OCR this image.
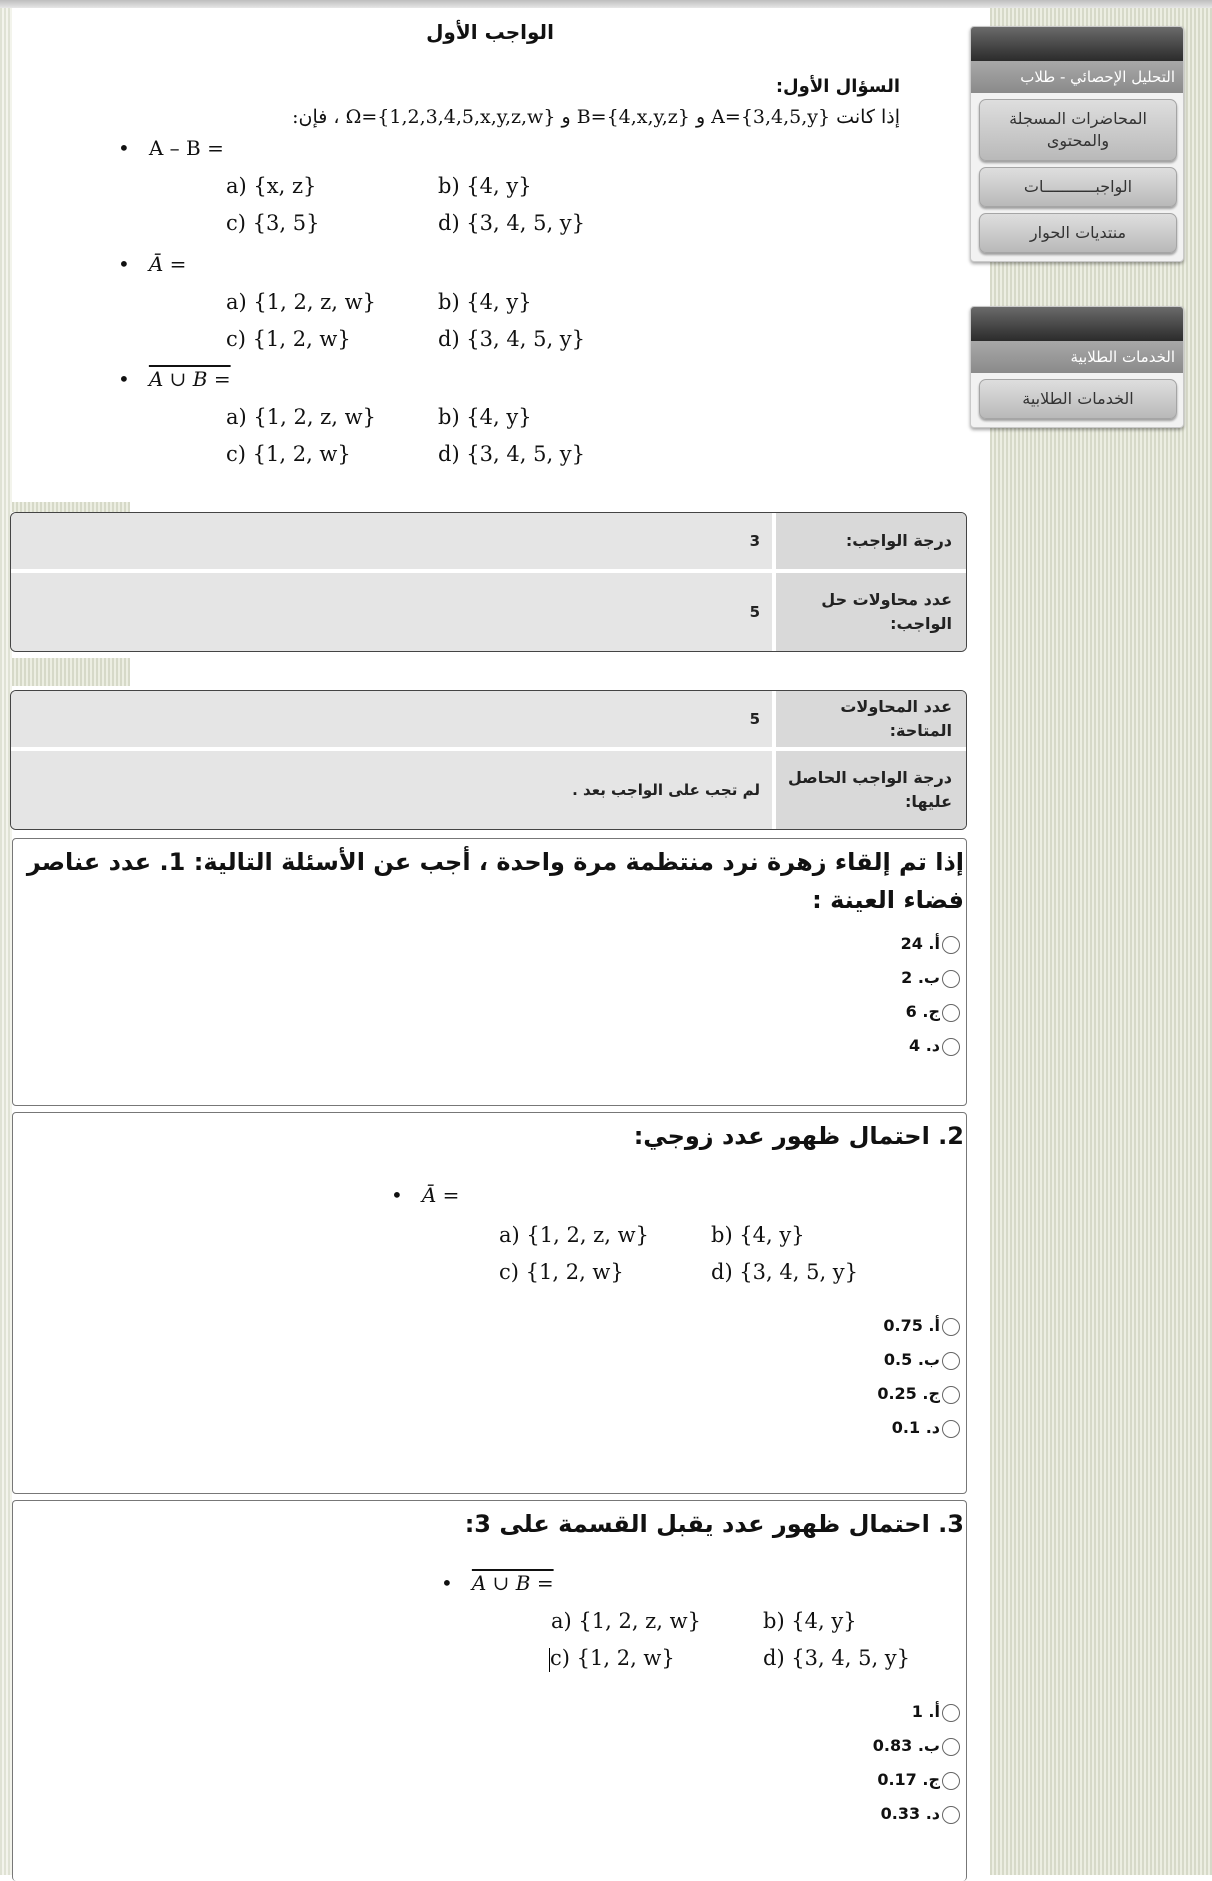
التحليل الإحصائي - طلاب
المحاضرات المسجلة والمحتوى
الواجبـــــــــــات
منتديات الحوار
الخدمات الطلابية
الخدمات الطلابية
الواجب الأول
السؤال الأول:
إذا كانت A={3,4,5,y} و B={4,x,y,z} و Ω={1,2,3,4,5,x,y,z,w} ، فإن:
•   A – B =
a) {x, z}	b) {4, y}
c) {3, 5}	d) {3, 4, 5, y}
•   Ā =
a) {1, 2, z, w}	b) {4, y}
c) {1, 2, w}	d) {3, 4, 5, y}
•   A ∪ B =
a) {1, 2, z, w}	b) {4, y}
c) {1, 2, w}	d) {3, 4, 5, y}
درجة الواجب:
3
عدد محاولات حل الواجب:
5
عدد المحاولات المتاحة:
5
درجة الواجب الحاصل عليها:
لم تجب على الواجب بعد .
إذا تم إلقاء زهرة نرد منتظمة مرة واحدة ، أجب عن الأسئلة التالية: 1. عدد عناصر فضاء العينة :
أ. 24
ب. 2
ج. 6
د. 4
2. احتمال ظهور عدد زوجي:
•   Ā =
a) {1, 2, z, w}	b) {4, y}
c) {1, 2, w}	d) {3, 4, 5, y}
أ. 0.75
ب. 0.5
ج. 0.25
د. 0.1
3. احتمال ظهور عدد يقبل القسمة على 3:
•   A ∪ B =
a) {1, 2, z, w}	b) {4, y}
c) {1, 2, w}	d) {3, 4, 5, y}
أ. 1
ب. 0.83
ج. 0.17
د. 0.33
